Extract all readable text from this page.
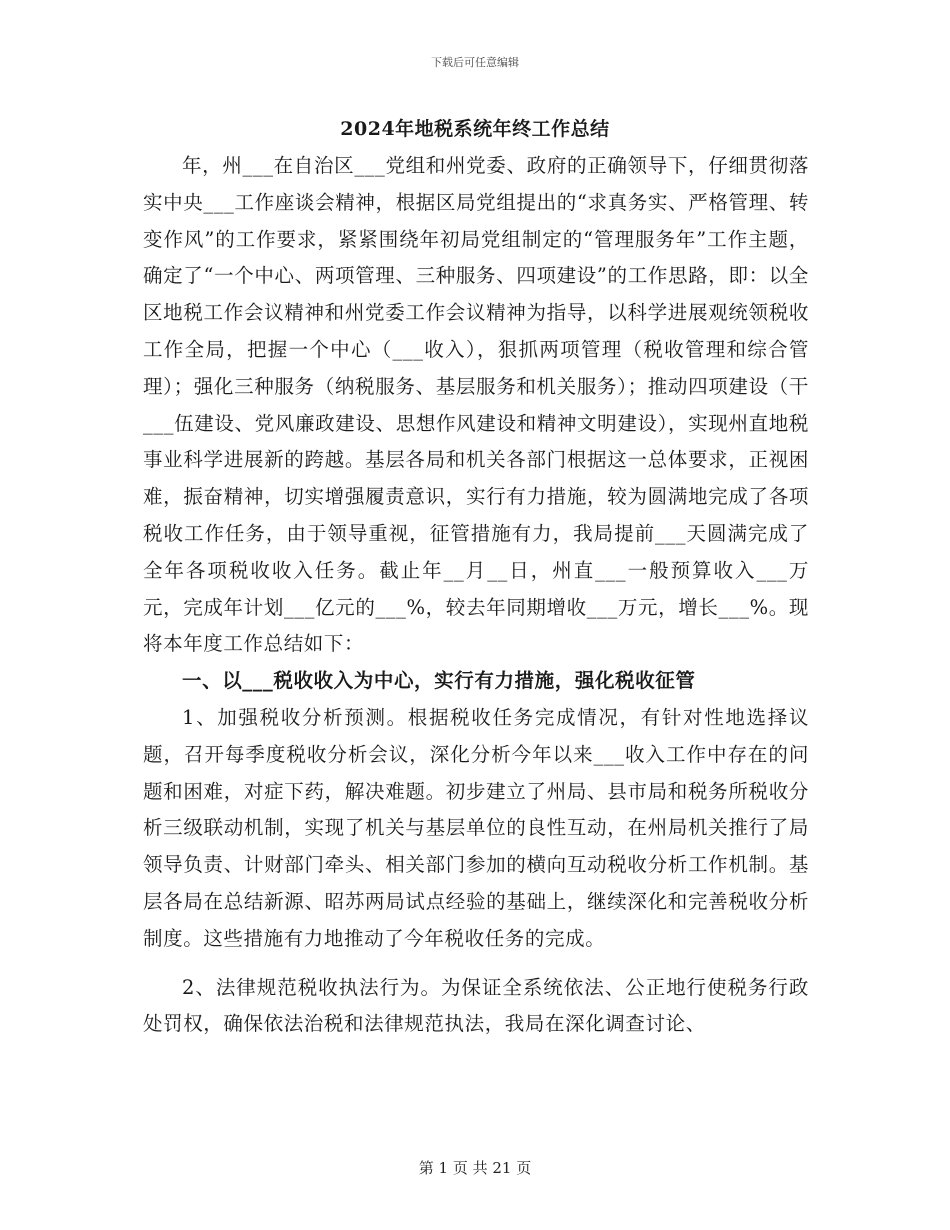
下载后可任意编辑
2024年地税系统年终工作总结

年，州___在自治区___党组和州党委、政府的正确领导下，仔细贯彻落实中央___工作座谈会精神，根据区局党组提出的“求真务实、严格管理、转变作风”的工作要求，紧紧围绕年初局党组制定的“管理服务年”工作主题，确定了“一个中心、两项管理、三种服务、四项建设”的工作思路，即：以全区地税工作会议精神和州党委工作会议精神为指导，以科学进展观统领税收工作全局，把握一个中心（___收入），狠抓两项管理（税收管理和综合管理）；强化三种服务（纳税服务、基层服务和机关服务）；推动四项建设（干___伍建设、党风廉政建设、思想作风建设和精神文明建设），实现州直地税事业科学进展新的跨越。基层各局和机关各部门根据这一总体要求，正视困难，振奋精神，切实增强履责意识，实行有力措施，较为圆满地完成了各项税收工作任务，由于领导重视，征管措施有力，我局提前___天圆满完成了全年各项税收收入任务。截止年__月__日，州直___一般预算收入___万元，完成年计划___亿元的___%，较去年同期增收___万元，增长___%。现将本年度工作总结如下：

一、以___税收收入为中心，实行有力措施，强化税收征管

1、加强税收分析预测。根据税收任务完成情况，有针对性地选择议题，召开每季度税收分析会议，深化分析今年以来___收入工作中存在的问题和困难，对症下药，解决难题。初步建立了州局、县市局和税务所税收分析三级联动机制，实现了机关与基层单位的良性互动，在州局机关推行了局领导负责、计财部门牵头、相关部门参加的横向互动税收分析工作机制。基层各局在总结新源、昭苏两局试点经验的基础上，继续深化和完善税收分析制度。这些措施有力地推动了今年税收任务的完成。

2、法律规范税收执法行为。为保证全系统依法、公正地行使税务行政处罚权，确保依法治税和法律规范执法，我局在深化调查讨论、

第 1 页 共 21 页
